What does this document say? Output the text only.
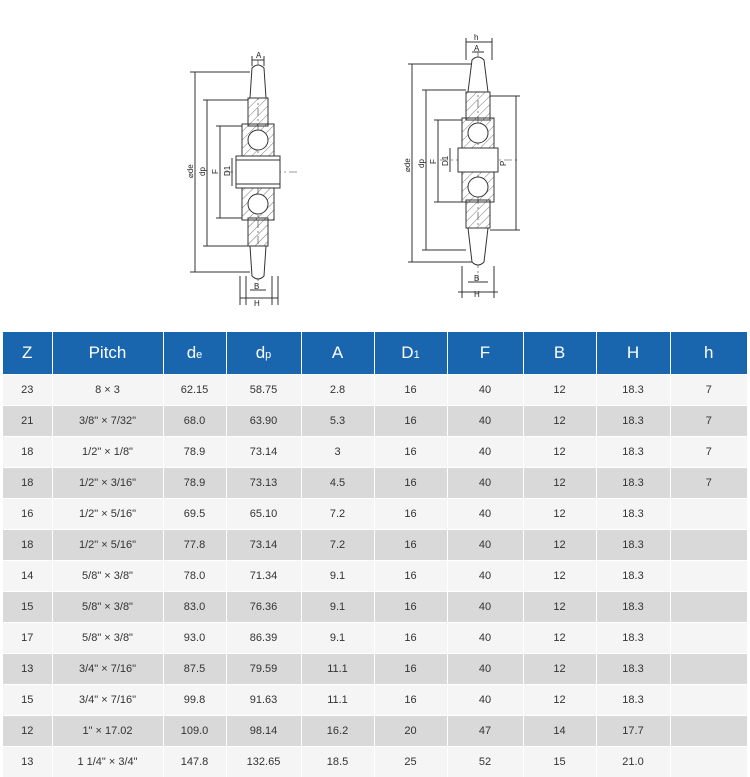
A
⌀de dp F D1
B
H
h
A
⌀de dp F D1	P
B
H
Z	Pitch	de	dp	A	D1	F	B	H	h
23	8 × 3	62.15	58.75	2.8	16	40	12	18.3	7
21	3/8" × 7/32"	68.0	63.90	5.3	16	40	12	18.3	7
18	1/2" × 1/8"	78.9	73.14	3	16	40	12	18.3	7
18	1/2" × 3/16"	78.9	73.13	4.5	16	40	12	18.3	7
16	1/2" × 5/16"	69.5	65.10	7.2	16	40	12	18.3	
18	1/2" × 5/16"	77.8	73.14	7.2	16	40	12	18.3	
14	5/8" × 3/8"	78.0	71.34	9.1	16	40	12	18.3	
15	5/8" × 3/8"	83.0	76.36	9.1	16	40	12	18.3	
17	5/8" × 3/8"	93.0	86.39	9.1	16	40	12	18.3	
13	3/4" × 7/16"	87.5	79.59	11.1	16	40	12	18.3	
15	3/4" × 7/16"	99.8	91.63	11.1	16	40	12	18.3	
12	1" × 17.02	109.0	98.14	16.2	20	47	14	17.7	
13	1 1/4" × 3/4"	147.8	132.65	18.5	25	52	15	21.0	
